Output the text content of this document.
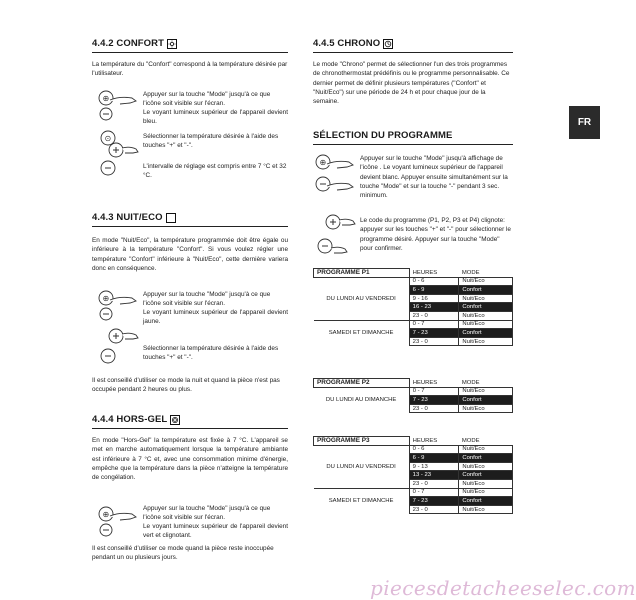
FR
4.4.2 CONFORT
La température du "Confort" correspond à la température désirée par l'utilisateur.
⊕	Appuyer sur la touche "Mode" jusqu'à ce que l'icône soit visible sur l'écran.
Le voyant lumineux supérieur de l'appareil devient bleu.
⊙	Sélectionner la température désirée à l'aide des touches "+" et "-".
L'intervalle de réglage est compris entre 7 °C et 32 °C.
4.4.3 NUIT/ECO
En mode "Nuit/Eco", la température programmée doit être égale ou inférieure à la température "Confort". Si vous voulez régler une température "Confort" inférieure à "Nuit/Eco", cette dernière variera donc en conséquence.
⊕	Appuyer sur la touche "Mode" jusqu'à ce que l'icône soit visible sur l'écran.
Le voyant lumineux supérieur de l'appareil devient jaune.
Sélectionner la température désirée à l'aide des touches "+" et "-".
Il est conseillé d'utiliser ce mode la nuit et quand la pièce n'est pas occupée pendant 2 heures ou plus.
4.4.4 HORS-GEL
En mode "Hors-Gel" la température est fixée à 7 °C. L'appareil se met en marche automatiquement lorsque la température ambiante est inférieure à 7 °C et, avec une consommation minime d'énergie, empêche que la température dans la pièce n'atteigne la température de congélation.
⊕
Appuyer sur la touche "Mode" jusqu'à ce que l'icône soit visible sur l'écran.
Le voyant lumineux supérieur de l'appareil devient vert et clignotant.
Il est conseillé d'utiliser ce mode quand la pièce reste inoccupée pendant un ou plusieurs jours.
4.4.5 CHRONO
Le mode "Chrono" permet de sélectionner l'un des trois programmes de chronothermostat prédéfinis ou le programme personnalisable. Ce dernier permet de définir plusieurs températures ("Confort" et "Nuit/Eco") sur une période de 24 h et pour chaque jour de la semaine.
SÉLECTION DU PROGRAMME
⊕	Appuyer sur le touche "Mode" jusqu'à affichage de l'icône . Le voyant lumineux supérieur de l'appareil devient blanc. Appuyer ensuite simultanément sur la touche "Mode" et sur la touche "-" pendant 3 sec. minimum.
Le code du programme (P1, P2, P3 et P4) clignote: appuyer sur les touches "+" et "-" pour sélectionner le programme désiré. Appuyer sur la touche "Mode" pour confirmer.
PROGRAMME P1	HEURES	MODE
DU LUNDI AU VENDREDI	0 - 6	Nuit/Eco
	6 - 9	Confort
	9 - 16	Nuit/Eco
	16 - 23	Confort
	23 - 0	Nuit/Eco
SAMEDI ET DIMANCHE	0 - 7	Nuit/Eco
	7 - 23	Confort
	23 - 0	Nuit/Eco
PROGRAMME P2	HEURES	MODE
DU LUNDI AU DIMANCHE	0 - 7	Nuit/Eco
	7 - 23	Confort
	23 - 0	Nuit/Eco
PROGRAMME P3	HEURES	MODE
DU LUNDI AU VENDREDI	0 - 6	Nuit/Eco
	6 - 9	Confort
	9 - 13	Nuit/Eco
	13 - 23	Confort
	23 - 0	Nuit/Eco
SAMEDI ET DIMANCHE	0 - 7	Nuit/Eco
	7 - 23	Confort
	23 - 0	Nuit/Eco
piecesdetacheeselec.com
